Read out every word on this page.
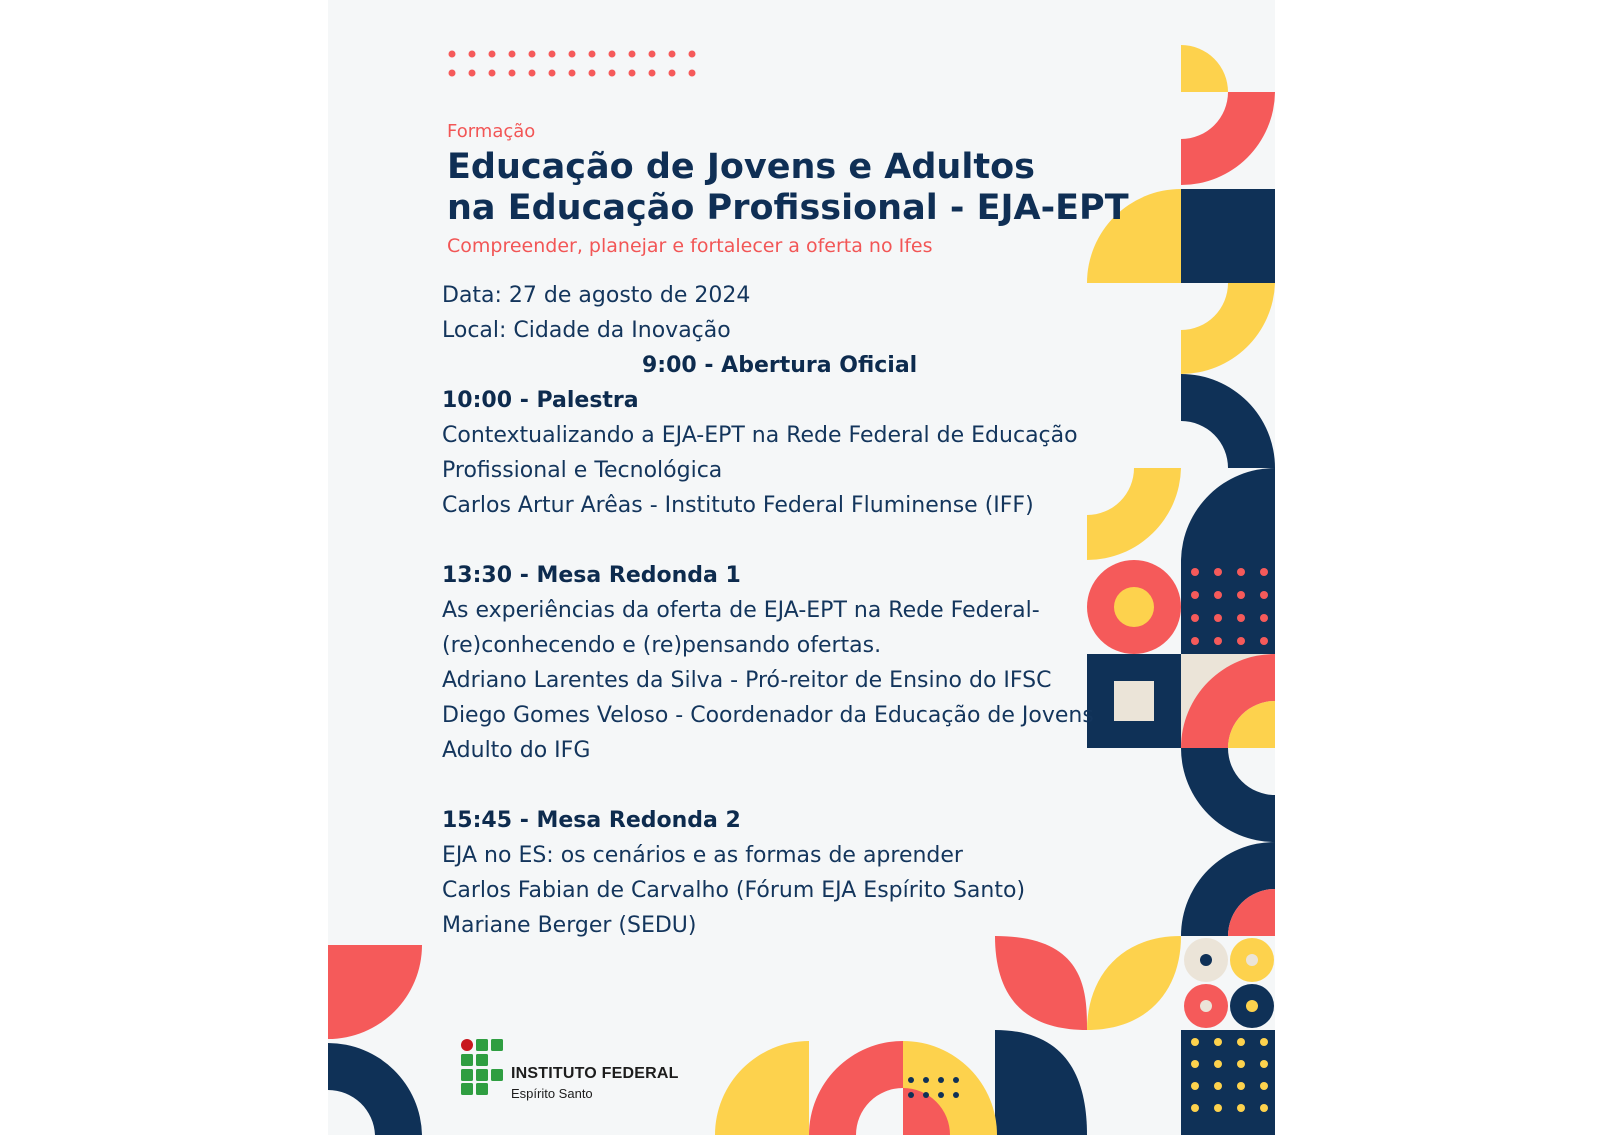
Formação

Educação de Jovens e Adultos
na Educação Profissional - EJA-EPT

Compreender, planejar e fortalecer a oferta no Ifes

Data: 27 de agosto de 2024

Local: Cidade da Inovação

9:00 - Abertura Oficial

10:00 - Palestra

Contextualizando a EJA-EPT na Rede Federal de Educação

Profissional e Tecnológica

Carlos Artur Arêas - Instituto Federal Fluminense (IFF)

13:30 - Mesa Redonda 1

As experiências da oferta de EJA-EPT na Rede Federal-

(re)conhecendo e (re)pensando ofertas.

Adriano Larentes da Silva - Pró-reitor de Ensino do IFSC

Diego Gomes Veloso - Coordenador da Educação de Jovens

Adulto do IFG

15:45 - Mesa Redonda 2

EJA no ES: os cenários e as formas de aprender

Carlos Fabian de Carvalho (Fórum EJA Espírito Santo)

Mariane Berger (SEDU)

INSTITUTO FEDERAL

Espírito Santo
